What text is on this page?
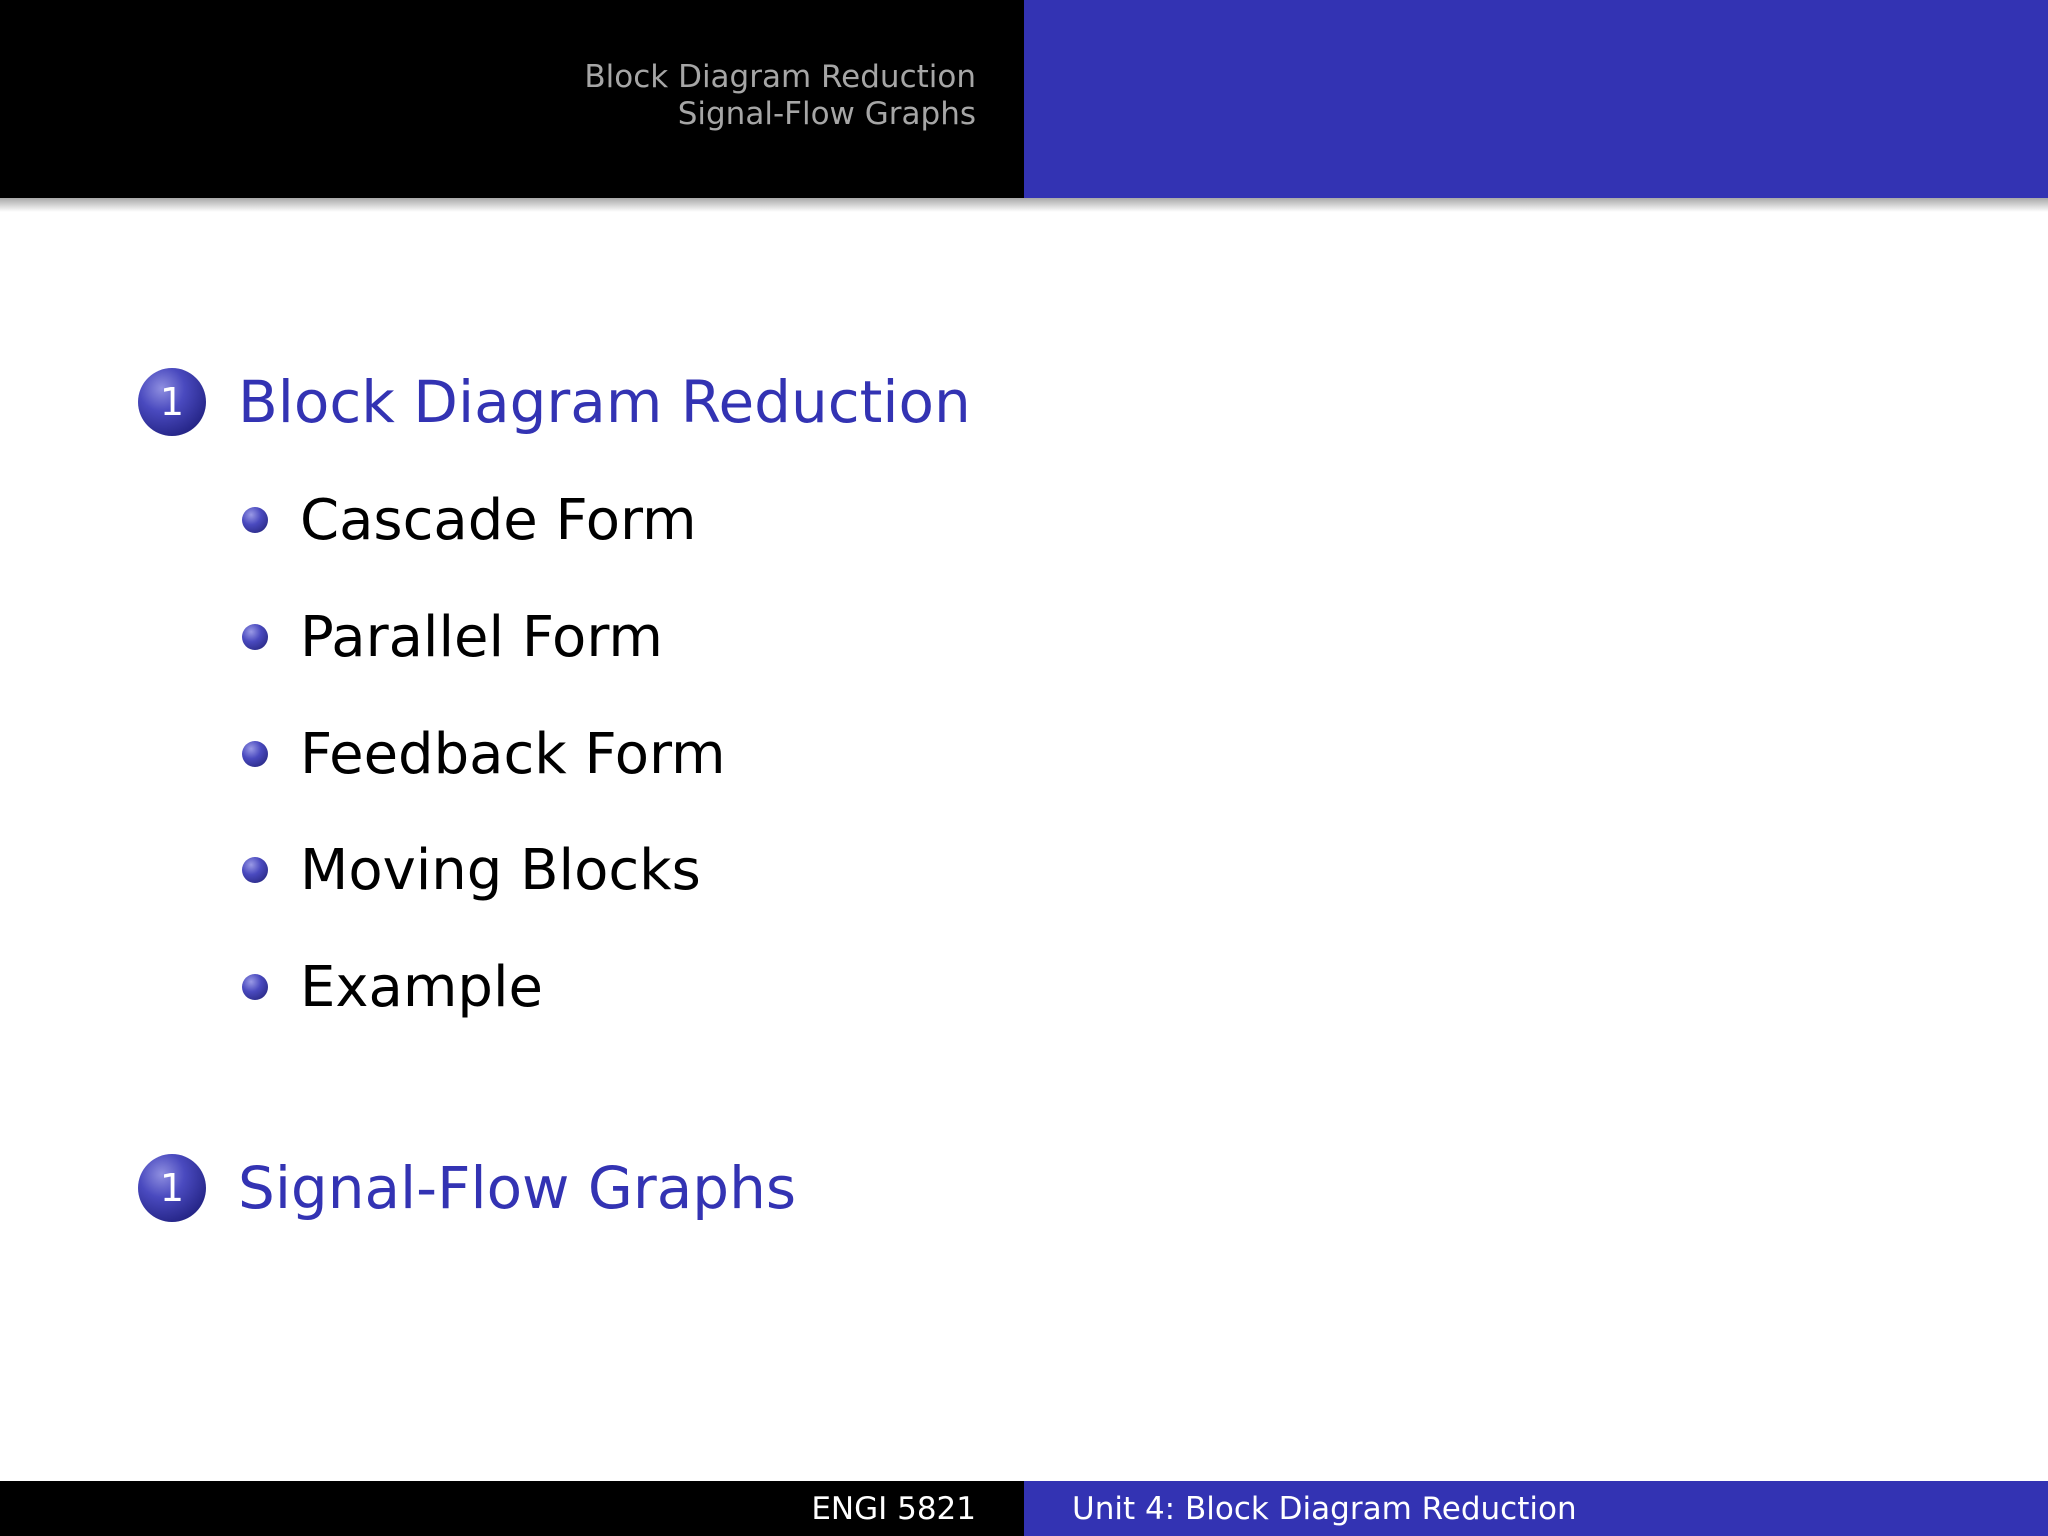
Block Diagram Reduction
Signal-Flow Graphs
1 Block Diagram Reduction
Cascade Form
Parallel Form
Feedback Form
Moving Blocks
Example
1 Signal-Flow Graphs
ENGI 5821	Unit 4: Block Diagram Reduction
